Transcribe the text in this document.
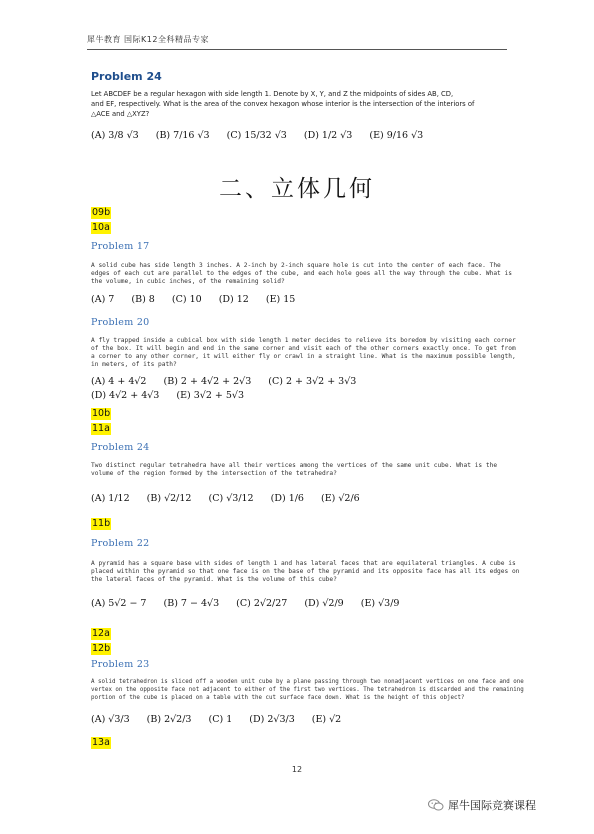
犀牛教育 国际K12全科精品专家
Problem 24
Let ABCDEF be a regular hexagon with side length 1. Denote by X, Y, and Z the midpoints of sides AB, CD,
and EF, respectively. What is the area of the convex hexagon whose interior is the intersection of the interiors of
△ACE and △XYZ?
(A) 3/8 √3 (B) 7/16 √3 (C) 15/32 √3 (D) 1/2 √3 (E) 9/16 √3
二、立体几何
09b
10a
Problem 17
A solid cube has side length 3 inches. A 2-inch by 2-inch square hole is cut into the center of each face. The
edges of each cut are parallel to the edges of the cube, and each hole goes all the way through the cube. What is
the volume, in cubic inches, of the remaining solid?
(A) 7 (B) 8 (C) 10 (D) 12 (E) 15
Problem 20
A fly trapped inside a cubical box with side length 1 meter decides to relieve its boredom by visiting each corner
of the box. It will begin and end in the same corner and visit each of the other corners exactly once. To get from
a corner to any other corner, it will either fly or crawl in a straight line. What is the maximum possible length,
in meters, of its path?
(A) 4 + 4√2 (B) 2 + 4√2 + 2√3 (C) 2 + 3√2 + 3√3
(D) 4√2 + 4√3 (E) 3√2 + 5√3
10b
11a
Problem 24
Two distinct regular tetrahedra have all their vertices among the vertices of the same unit cube. What is the
volume of the region formed by the intersection of the tetrahedra?
(A) 1/12 (B) √2/12 (C) √3/12 (D) 1/6 (E) √2/6
11b
Problem 22
A pyramid has a square base with sides of length 1 and has lateral faces that are equilateral triangles. A cube is
placed within the pyramid so that one face is on the base of the pyramid and its opposite face has all its edges on
the lateral faces of the pyramid. What is the volume of this cube?
(A) 5√2 − 7 (B) 7 − 4√3 (C) 2√2/27 (D) √2/9 (E) √3/9
12a
12b
Problem 23
A solid tetrahedron is sliced off a wooden unit cube by a plane passing through two nonadjacent vertices on one face and one
vertex on the opposite face not adjacent to either of the first two vertices. The tetrahedron is discarded and the remaining
portion of the cube is placed on a table with the cut surface face down. What is the height of this object?
(A) √3/3 (B) 2√2/3 (C) 1 (D) 2√3/3 (E) √2
13a
12
犀牛国际竞赛课程
